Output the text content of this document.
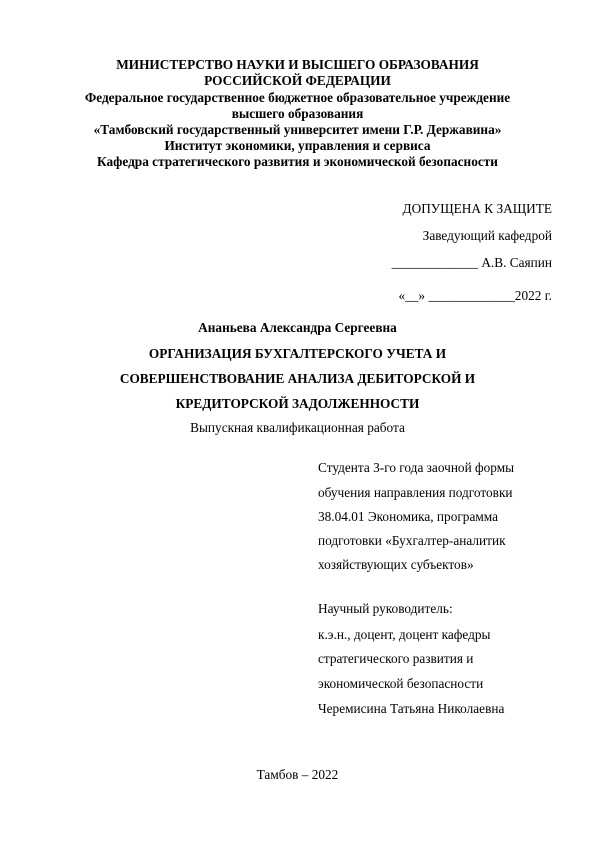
МИНИСТЕРСТВО НАУКИ И ВЫСШЕГО ОБРАЗОВАНИЯ
РОССИЙСКОЙ ФЕДЕРАЦИИ
Федеральное государственное бюджетное образовательное учреждение
высшего образования
«Тамбовский государственный университет имени Г.Р. Державина»
Институт экономики, управления и сервиса
Кафедра стратегического развития и экономической безопасности
ДОПУЩЕНА К ЗАЩИТЕ
Заведующий кафедрой
_____________ А.В. Саяпин
«__» _____________2022 г.
Ананьева Александра Сергеевна
ОРГАНИЗАЦИЯ БУХГАЛТЕРСКОГО УЧЕТА И
СОВЕРШЕНСТВОВАНИЕ АНАЛИЗА ДЕБИТОРСКОЙ И
КРЕДИТОРСКОЙ ЗАДОЛЖЕННОСТИ
Выпускная квалификационная работа
Студента 3-го года заочной формы
обучения направления подготовки
38.04.01 Экономика, программа
подготовки «Бухгалтер-аналитик
хозяйствующих субъектов»
Научный руководитель:
к.э.н., доцент, доцент кафедры
стратегического развития и
экономической безопасности
Черемисина Татьяна Николаевна
Тамбов – 2022
